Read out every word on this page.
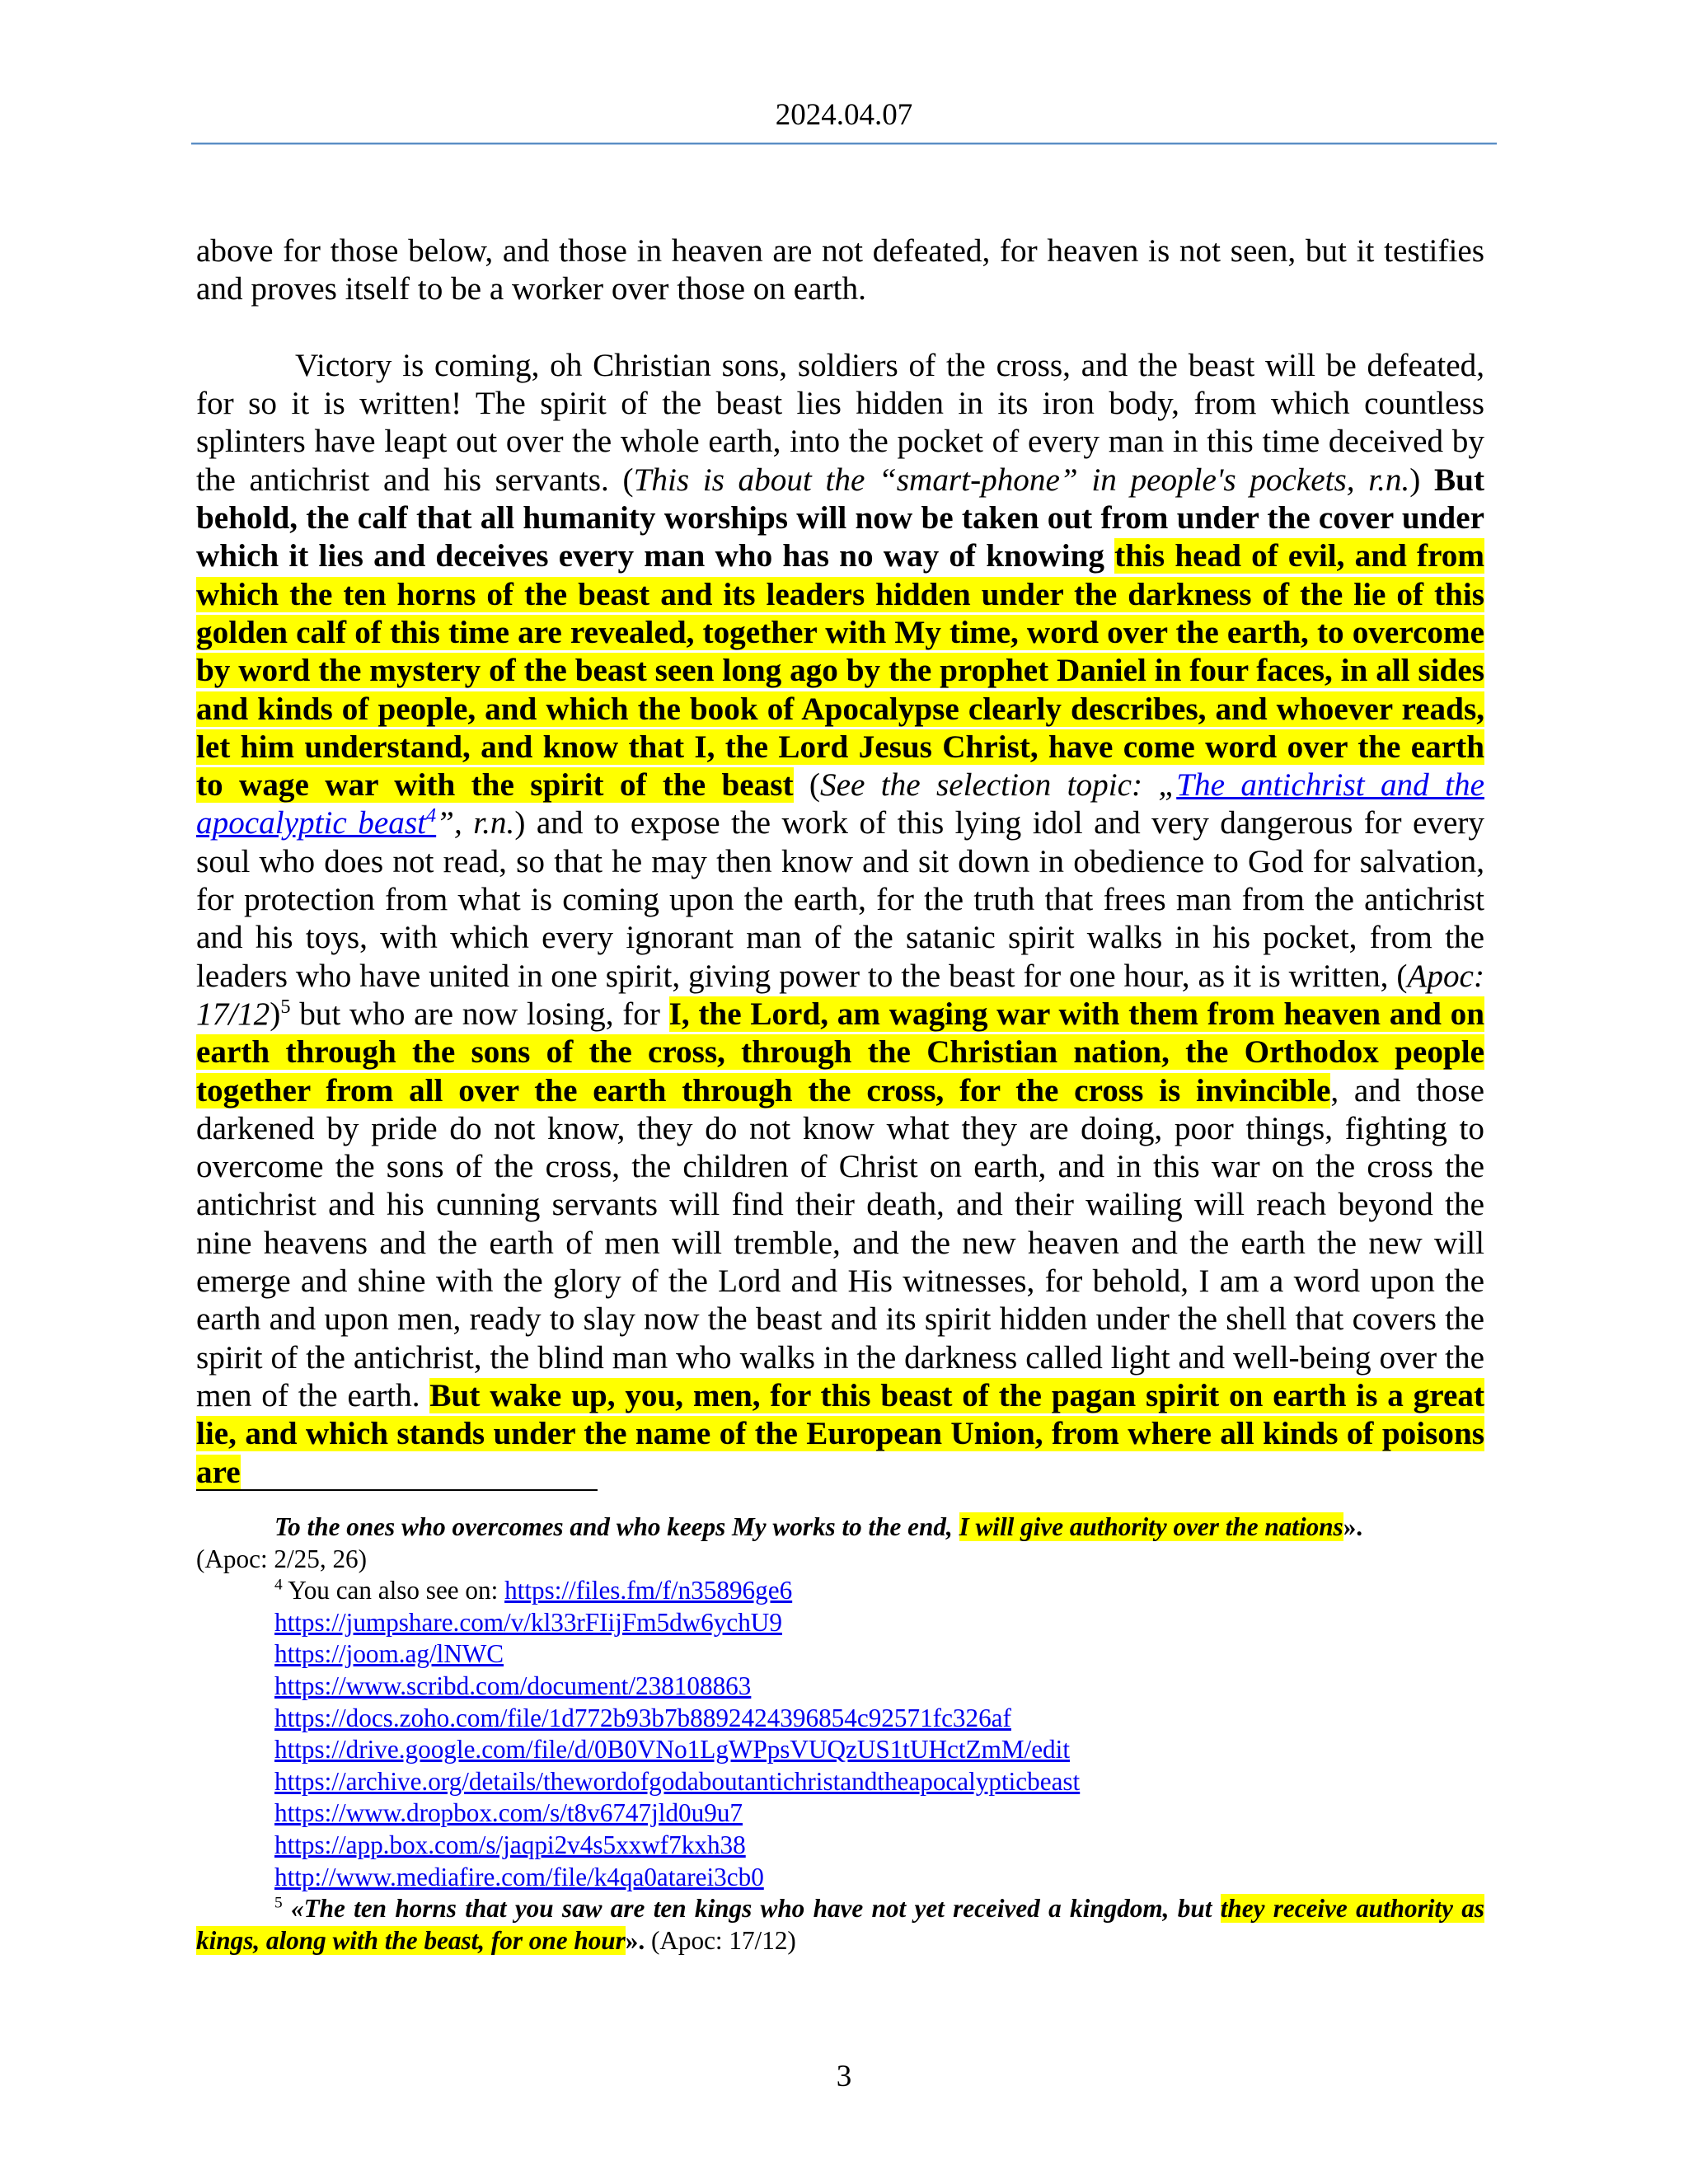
2024.04.07

above for those below, and those in heaven are not defeated, for heaven is not seen, but it testifies and proves itself to be a worker over those on earth.

Victory is coming, oh Christian sons, soldiers of the cross, and the beast will be defeated, for so it is written! The spirit of the beast lies hidden in its iron body, from which countless splinters have leapt out over the whole earth, into the pocket of every man in this time deceived by the antichrist and his servants. (This is about the “smart-phone” in people's pockets, r.n.) But behold, the calf that all humanity worships will now be taken out from under the cover under which it lies and deceives every man who has no way of knowing this head of evil, and from which the ten horns of the beast and its leaders hidden under the darkness of the lie of this golden calf of this time are revealed, together with My time, word over the earth, to overcome by word the mystery of the beast seen long ago by the prophet Daniel in four faces, in all sides and kinds of people, and which the book of Apocalypse clearly describes, and whoever reads, let him understand, and know that I, the Lord Jesus Christ, have come word over the earth to wage war with the spirit of the beast (See the selection topic: „The antichrist and the apocalyptic beast$^4$”, r.n.) and to expose the work of this lying idol and very dangerous for every soul who does not read, so that he may then know and sit down in obedience to God for salvation, for protection from what is coming upon the earth, for the truth that frees man from the antichrist and his toys, with which every ignorant man of the satanic spirit walks in his pocket, from the leaders who have united in one spirit, giving power to the beast for one hour, as it is written, (Apoc: 17/12)$^5$ but who are now losing, for I, the Lord, am waging war with them from heaven and on earth through the sons of the cross, through the Christian nation, the Orthodox people together from all over the earth through the cross, for the cross is invincible, and those darkened by pride do not know, they do not know what they are doing, poor things, fighting to overcome the sons of the cross, the children of Christ on earth, and in this war on the cross the antichrist and his cunning servants will find their death, and their wailing will reach beyond the nine heavens and the earth of men will tremble, and the new heaven and the earth the new will emerge and shine with the glory of the Lord and His witnesses, for behold, I am a word upon the earth and upon men, ready to slay now the beast and its spirit hidden under the shell that covers the spirit of the antichrist, the blind man who walks in the darkness called light and well-being over the men of the earth. But wake up, you, men, for this beast of the pagan spirit on earth is a great lie, and which stands under the name of the European Union, from where all kinds of poisons are

To the ones who overcomes and who keeps My works to the end, I will give authority over the nations».

(Apoc: 2/25, 26)

$^4$ You can also see on: https://files.fm/f/n35896ge6
https://jumpshare.com/v/kl33rFIijFm5dw6ychU9
https://joom.ag/lNWC
https://www.scribd.com/document/238108863
https://docs.zoho.com/file/1d772b93b7b8892424396854c92571fc326af
https://drive.google.com/file/d/0B0VNo1LgWPpsVUQzUS1tUHctZmM/edit
https://archive.org/details/thewordofgodaboutantichristandtheapocalypticbeast
https://www.dropbox.com/s/t8v6747jld0u9u7
https://app.box.com/s/jaqpi2v4s5xxwf7kxh38
http://www.mediafire.com/file/k4qa0atarei3cb0

$^5$ «The ten horns that you saw are ten kings who have not yet received a kingdom, but they receive authority as kings, along with the beast, for one hour». (Apoc: 17/12)

3
